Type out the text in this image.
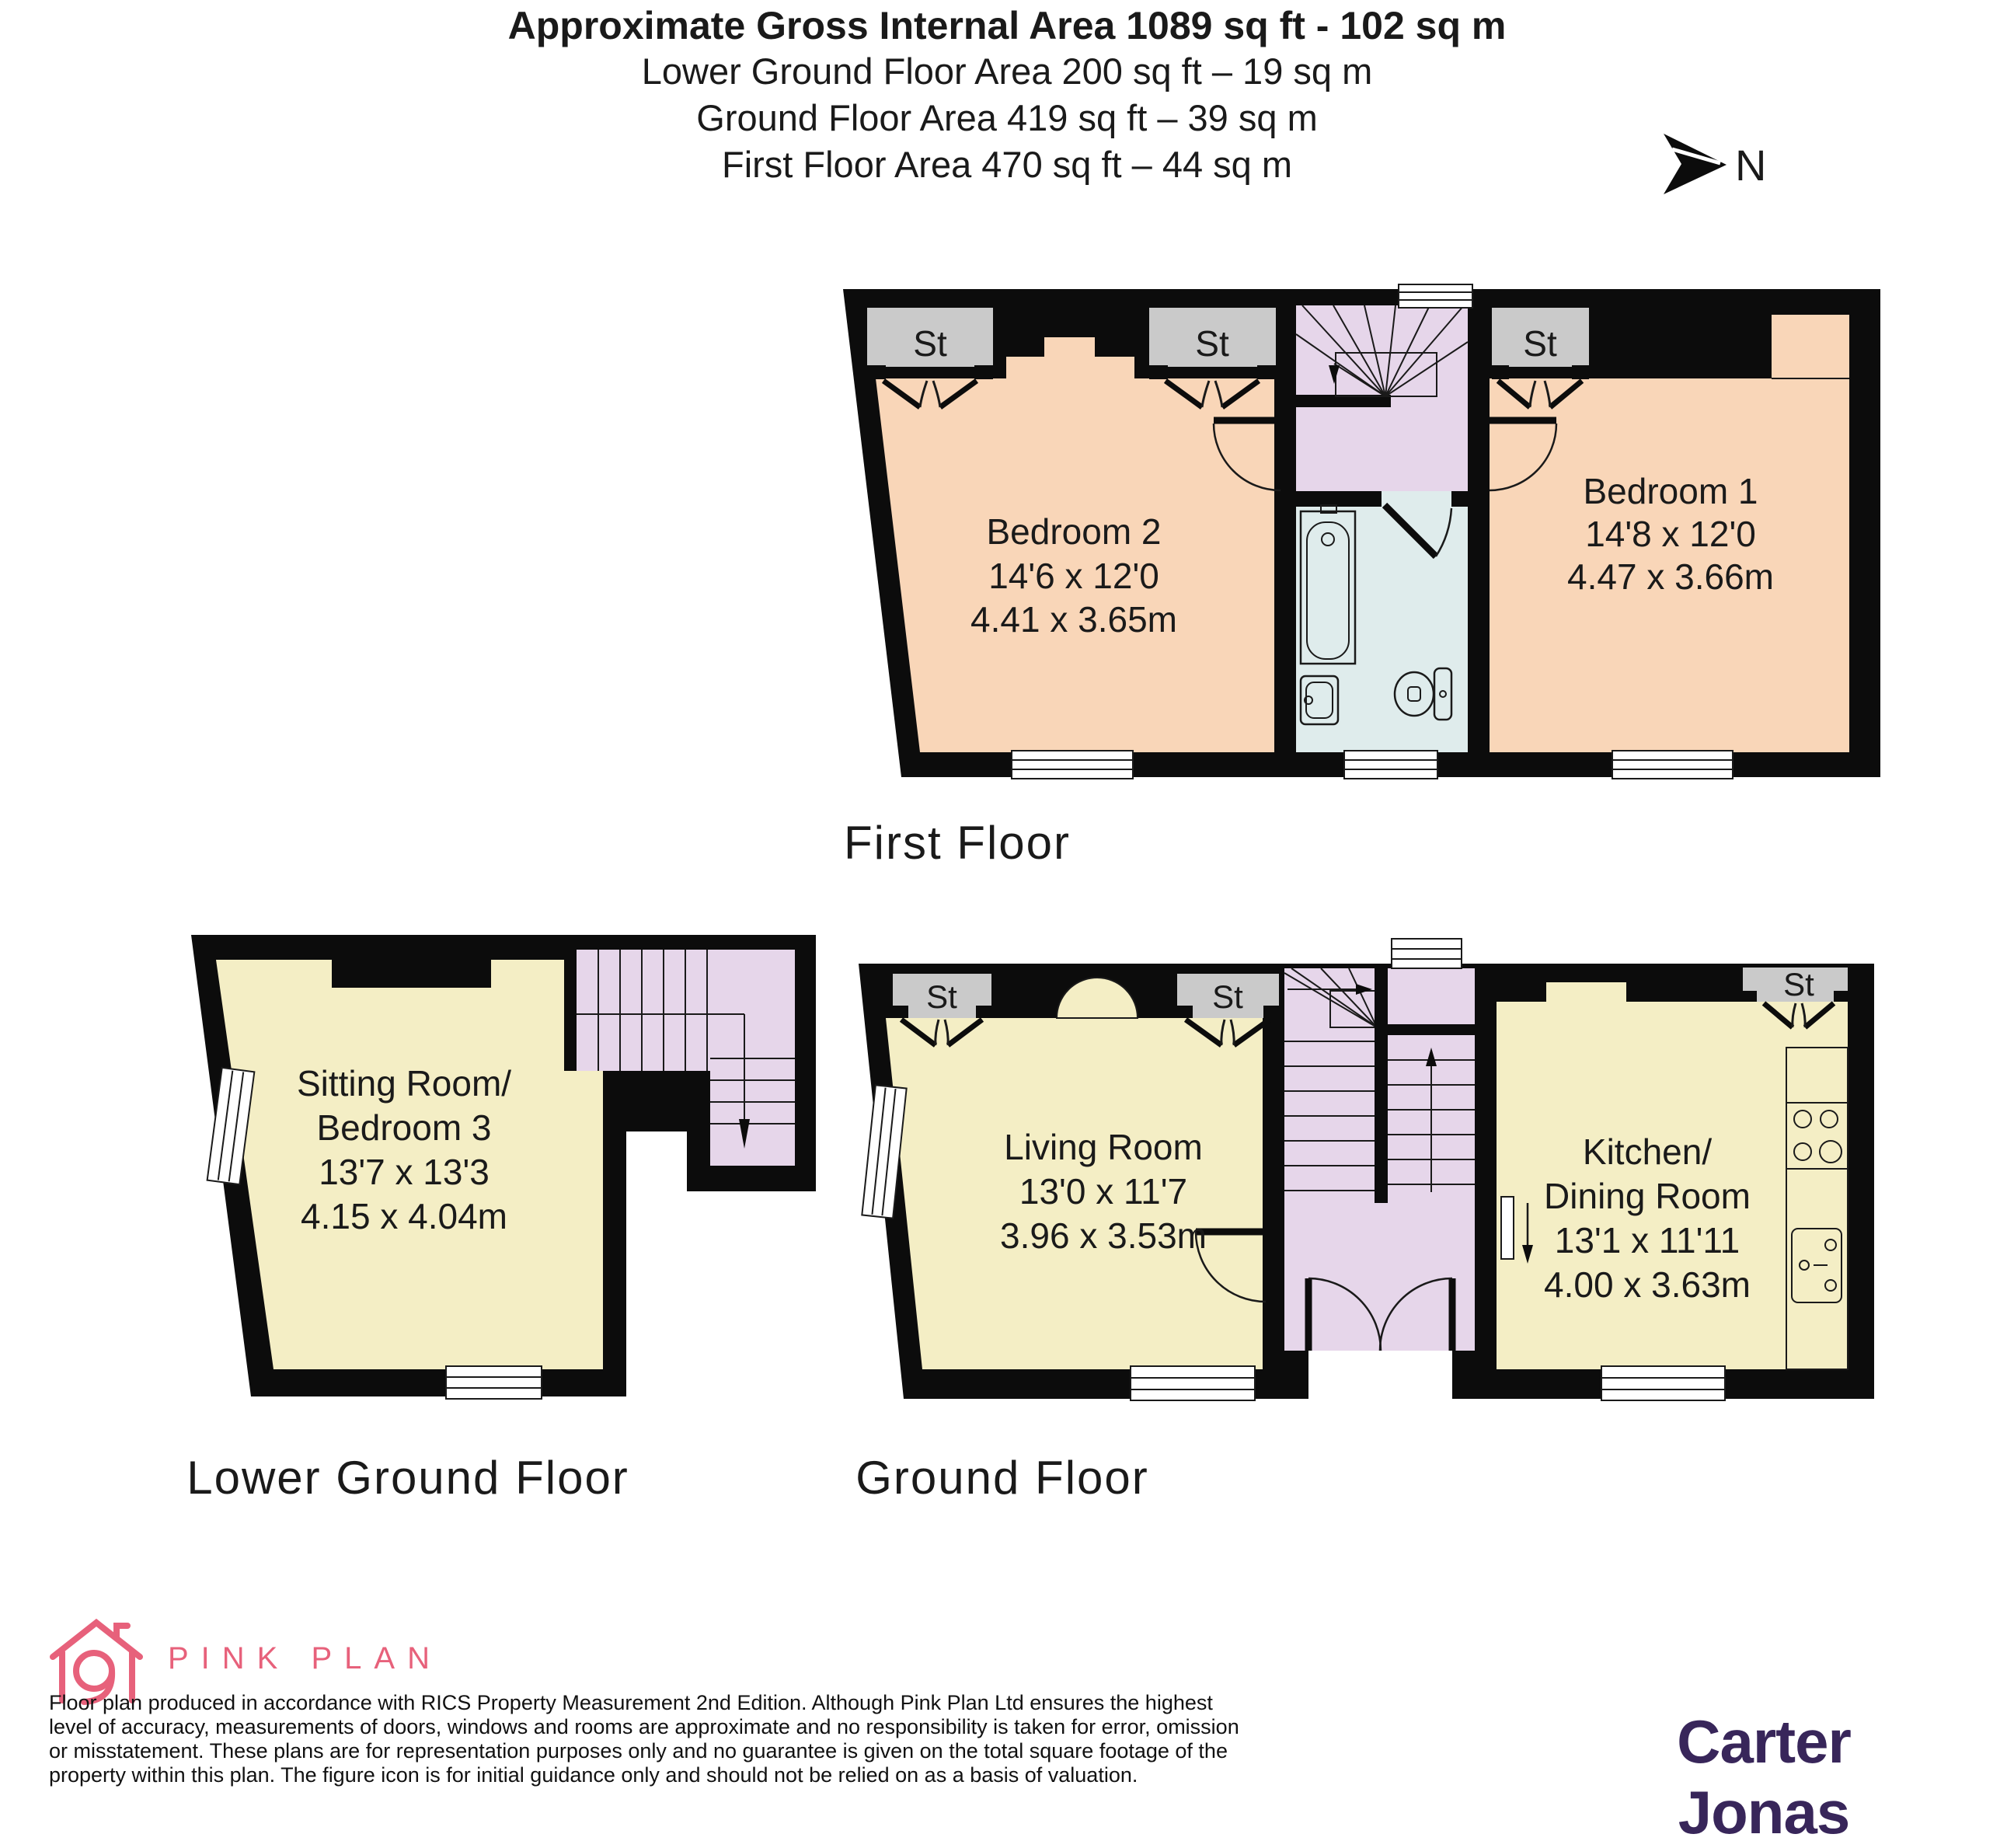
Approximate Gross Internal Area 1089 sq ft - 102 sq m
Lower Ground Floor Area 200 sq ft – 19 sq m
Ground Floor Area 419 sq ft – 39 sq m
First Floor Area 470 sq ft – 44 sq m	N
St	St	St
Bedroom 2
14'6 x 12'0
4.41 x 3.65m
Bedroom 1
14'8 x 12'0
4.47 x 3.66m
First Floor
Sitting Room/
Bedroom 3
13'7 x 13'3
4.15 x 4.04m
Lower Ground Floor
St	St	St
Living Room
13'0 x 11'7
3.96 x 3.53m
Kitchen/
Dining Room
13'1 x 11'11
4.00 x 3.63m
Ground Floor
PINK PLAN
Floor plan produced in accordance with RICS Property Measurement 2nd Edition. Although Pink Plan Ltd ensures the highest
level of accuracy, measurements of doors, windows and rooms are approximate and no responsibility is taken for error, omission
or misstatement. These plans are for representation purposes only and no guarantee is given on the total square footage of the
property within this plan. The figure icon is for initial guidance only and should not be relied on as a basis of valuation.	Carter Jonas
